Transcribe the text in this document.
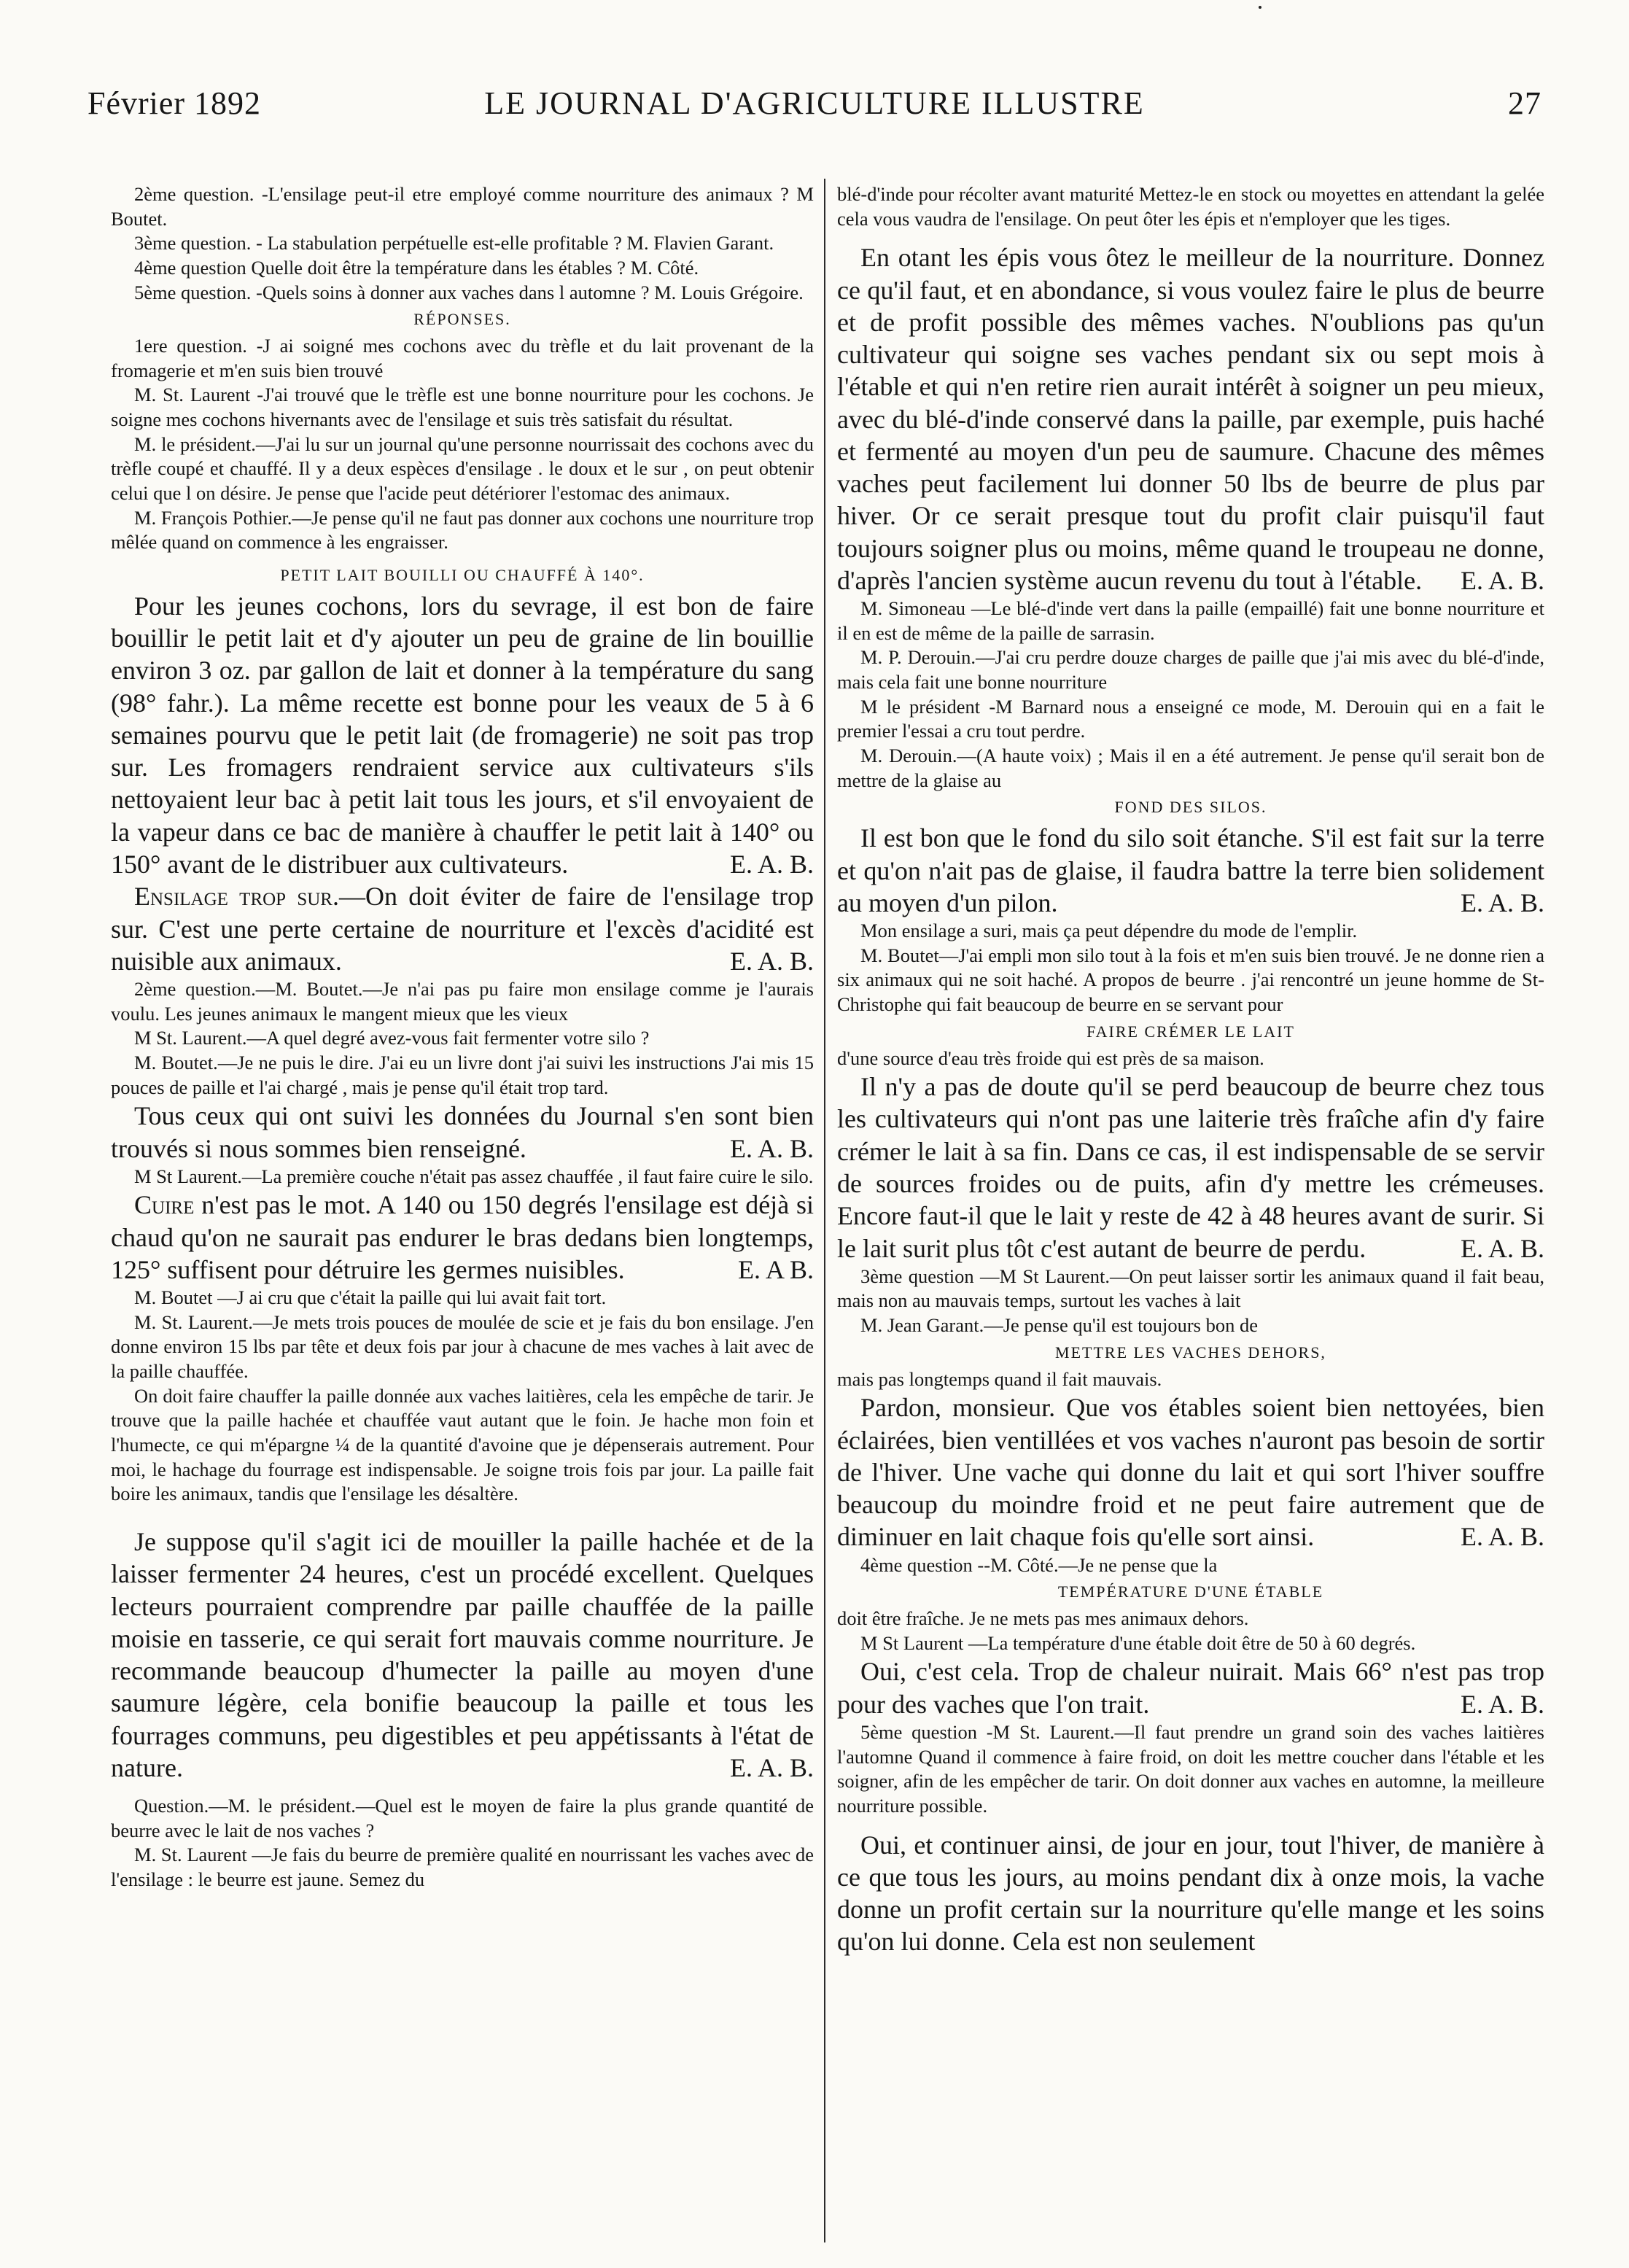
Février 1892	LE JOURNAL D'AGRICULTURE ILLUSTRE	27

2ème question. -L'ensilage peut-il etre employé comme nourriture des animaux ? M Boutet.

3ème question. - La stabulation perpétuelle est-elle profitable ? M. Flavien Garant.

4ème question Quelle doit être la température dans les étables ? M. Côté.

5ème question. -Quels soins à donner aux vaches dans l automne ? M. Louis Grégoire.

RÉPONSES.

1ere question. -J ai soigné mes cochons avec du trèfle et du lait provenant de la fromagerie et m'en suis bien trouvé

M. St. Laurent -J'ai trouvé que le trèfle est une bonne nourriture pour les cochons. Je soigne mes cochons hivernants avec de l'ensilage et suis très satisfait du résultat.

M. le président.—J'ai lu sur un journal qu'une personne nourrissait des cochons avec du trèfle coupé et chauffé. Il y a deux espèces d'ensilage . le doux et le sur , on peut obtenir celui que l on désire. Je pense que l'acide peut détériorer l'estomac des animaux.

M. François Pothier.—Je pense qu'il ne faut pas donner aux cochons une nourriture trop mêlée quand on commence à les engraisser.

PETIT LAIT BOUILLI OU CHAUFFÉ À 140°.

Pour les jeunes cochons, lors du sevrage, il est bon de faire bouillir le petit lait et d'y ajouter un peu de graine de lin bouillie environ 3 oz. par gallon de lait et donner à la température du sang (98° fahr.). La même recette est bonne pour les veaux de 5 à 6 semaines pourvu que le petit lait (de fromagerie) ne soit pas trop sur. Les fromagers rendraient service aux cultivateurs s'ils nettoyaient leur bac à petit lait tous les jours, et s'il envoyaient de la vapeur dans ce bac de manière à chauffer le petit lait à 140° ou 150° avant de le distribuer aux cultivateurs.	E. A. B.

Ensilage trop sur.—On doit éviter de faire de l'ensilage trop sur. C'est une perte certaine de nourriture et l'excès d'acidité est nuisible aux animaux.	E. A. B.

2ème question.—M. Boutet.—Je n'ai pas pu faire mon ensilage comme je l'aurais voulu. Les jeunes animaux le mangent mieux que les vieux

M St. Laurent.—A quel degré avez-vous fait fermenter votre silo ?

M. Boutet.—Je ne puis le dire. J'ai eu un livre dont j'ai suivi les instructions J'ai mis 15 pouces de paille et l'ai chargé , mais je pense qu'il était trop tard.

Tous ceux qui ont suivi les données du Journal s'en sont bien trouvés si nous sommes bien renseigné.	E. A. B.

M St Laurent.—La première couche n'était pas assez chauffée , il faut faire cuire le silo.

Cuire n'est pas le mot. A 140 ou 150 degrés l'ensilage est déjà si chaud qu'on ne saurait pas endurer le bras dedans bien longtemps, 125° suffisent pour détruire les germes nuisibles.	E. A B.

M. Boutet —J ai cru que c'était la paille qui lui avait fait tort.

M. St. Laurent.—Je mets trois pouces de moulée de scie et je fais du bon ensilage. J'en donne environ 15 lbs par tête et deux fois par jour à chacune de mes vaches à lait avec de la paille chauffée.

On doit faire chauffer la paille donnée aux vaches laitières, cela les empêche de tarir. Je trouve que la paille hachée et chauffée vaut autant que le foin. Je hache mon foin et l'humecte, ce qui m'épargne ¼ de la quantité d'avoine que je dépenserais autrement. Pour moi, le hachage du fourrage est indispensable. Je soigne trois fois par jour. La paille fait boire les animaux, tandis que l'ensilage les désaltère.

Je suppose qu'il s'agit ici de mouiller la paille hachée et de la laisser fermenter 24 heures, c'est un procédé excellent. Quelques lecteurs pourraient comprendre par paille chauffée de la paille moisie en tasserie, ce qui serait fort mauvais comme nourriture. Je recommande beaucoup d'humecter la paille au moyen d'une saumure légère, cela bonifie beaucoup la paille et tous les fourrages communs, peu digestibles et peu appétissants à l'état de nature.	E. A. B.

Question.—M. le président.—Quel est le moyen de faire la plus grande quantité de beurre avec le lait de nos vaches ?

M. St. Laurent —Je fais du beurre de première qualité en nourrissant les vaches avec de l'ensilage : le beurre est jaune. Semez du

blé-d'inde pour récolter avant maturité Mettez-le en stock ou moyettes en attendant la gelée cela vous vaudra de l'ensilage. On peut ôter les épis et n'employer que les tiges.

En otant les épis vous ôtez le meilleur de la nourriture. Donnez ce qu'il faut, et en abondance, si vous voulez faire le plus de beurre et de profit possible des mêmes vaches. N'oublions pas qu'un cultivateur qui soigne ses vaches pendant six ou sept mois à l'étable et qui n'en retire rien aurait intérêt à soigner un peu mieux, avec du blé-d'inde conservé dans la paille, par exemple, puis haché et fermenté au moyen d'un peu de saumure. Chacune des mêmes vaches peut facilement lui donner 50 lbs de beurre de plus par hiver. Or ce serait presque tout du profit clair puisqu'il faut toujours soigner plus ou moins, même quand le troupeau ne donne, d'après l'ancien système aucun revenu du tout à l'étable.	E. A. B.

M. Simoneau —Le blé-d'inde vert dans la paille (empaillé) fait une bonne nourriture et il en est de même de la paille de sarrasin.

M. P. Derouin.—J'ai cru perdre douze charges de paille que j'ai mis avec du blé-d'inde, mais cela fait une bonne nourriture

M le président -M Barnard nous a enseigné ce mode, M. Derouin qui en a fait le premier l'essai a cru tout perdre.

M. Derouin.—(A haute voix) ; Mais il en a été autrement. Je pense qu'il serait bon de mettre de la glaise au

FOND DES SILOS.

Il est bon que le fond du silo soit étanche. S'il est fait sur la terre et qu'on n'ait pas de glaise, il faudra battre la terre bien solidement au moyen d'un pilon.	E. A. B.

Mon ensilage a suri, mais ça peut dépendre du mode de l'emplir.

M. Boutet—J'ai empli mon silo tout à la fois et m'en suis bien trouvé. Je ne donne rien a six animaux qui ne soit haché. A propos de beurre . j'ai rencontré un jeune homme de St-Christophe qui fait beaucoup de beurre en se servant pour

FAIRE CRÉMER LE LAIT

d'une source d'eau très froide qui est près de sa maison.

Il n'y a pas de doute qu'il se perd beaucoup de beurre chez tous les cultivateurs qui n'ont pas une laiterie très fraîche afin d'y faire crémer le lait à sa fin. Dans ce cas, il est indispensable de se servir de sources froides ou de puits, afin d'y mettre les crémeuses. Encore faut-il que le lait y reste de 42 à 48 heures avant de surir. Si le lait surit plus tôt c'est autant de beurre de perdu.	E. A. B.

3ème question —M St Laurent.—On peut laisser sortir les animaux quand il fait beau, mais non au mauvais temps, surtout les vaches à lait

M. Jean Garant.—Je pense qu'il est toujours bon de

METTRE LES VACHES DEHORS,

mais pas longtemps quand il fait mauvais.

Pardon, monsieur. Que vos étables soient bien nettoyées, bien éclairées, bien ventillées et vos vaches n'auront pas besoin de sortir de l'hiver. Une vache qui donne du lait et qui sort l'hiver souffre beaucoup du moindre froid et ne peut faire autrement que de diminuer en lait chaque fois qu'elle sort ainsi.	E. A. B.

4ème question --M. Côté.—Je ne pense que la

TEMPÉRATURE D'UNE ÉTABLE

doit être fraîche. Je ne mets pas mes animaux dehors.

M St Laurent —La température d'une étable doit être de 50 à 60 degrés.

Oui, c'est cela. Trop de chaleur nuirait. Mais 66° n'est pas trop pour des vaches que l'on trait.	E. A. B.

5ème question -M St. Laurent.—Il faut prendre un grand soin des vaches laitières l'automne Quand il commence à faire froid, on doit les mettre coucher dans l'étable et les soigner, afin de les empêcher de tarir. On doit donner aux vaches en automne, la meilleure nourriture possible.

Oui, et continuer ainsi, de jour en jour, tout l'hiver, de manière à ce que tous les jours, au moins pendant dix à onze mois, la vache donne un profit certain sur la nourriture qu'elle mange et les soins qu'on lui donne. Cela est non seulement
